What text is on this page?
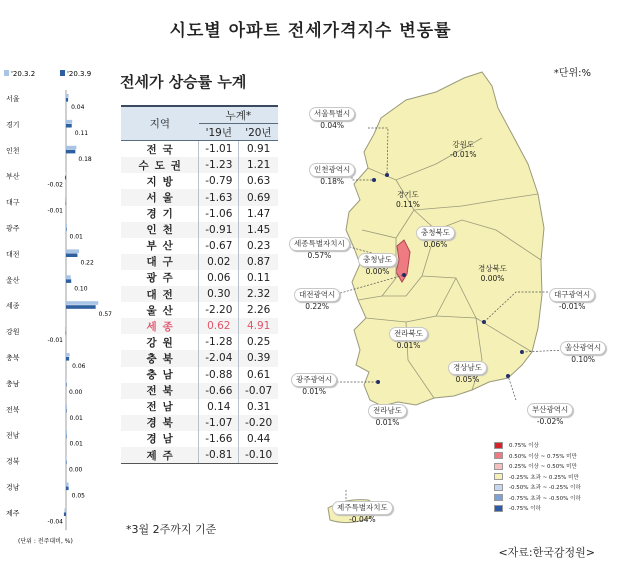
시도별 아파트 전세가격지수 변동률
*단위:%
'20.3.2	'20.3.9
서울
0.04
경기
0.11
인천
0.18
부산
-0.02
대구
-0.01
광주
0.01
대전
0.22
울산
0.10
세종
0.57
강원
-0.01
충북
0.06
충남
0.00
전북
0.01
전남
0.01
경북
0.00
경남
0.05
제주
-0.04
(단위 : 전주대비, %)
전세가 상승률 누계
지역	누계*	
	'19년	'20년
전국	-1.01	0.91
수도권	-1.23	1.21
지방	-0.79	0.63
서울	-1.63	0.69
경기	-1.06	1.47
인천	-0.91	1.45
부산	-0.67	0.23
대구	0.02	0.87
광주	0.06	0.11
대전	0.30	2.32
울산	-2.20	2.26
세종	0.62	4.91
강원	-1.28	0.25
충북	-2.04	0.39
충남	-0.88	0.61
전북	-0.66	-0.07
전남	0.14	0.31
경북	-1.07	-0.20
경남	-1.66	0.44
제주	-0.81	-0.10
*3월 2주까지 기준
서울특별시
0.04%
인천광역시
0.18%
경기도
0.11%
강원도
-0.01%
세종특별자치시
0.57%
충청북도
0.06%
충청남도
0.00%
대전광역시
0.22%
경상북도
0.00%
대구광역시
-0.01%
전라북도
0.01%	울산광역시
0.10%
광주광역시
0.01%
경상남도
0.05%
부산광역시
-0.02%
전라남도
0.01%
제주특별자치도
-0.04%
0.75% 이상
0.50% 이상 ~ 0.75% 미만
0.25% 이상 ~ 0.50% 미만
-0.25% 초과 ~ 0.25% 미만
-0.50% 초과 ~ -0.25% 이하
-0.75% 초과 ~ -0.50% 이하
-0.75% 이하
<자료:한국감정원>
